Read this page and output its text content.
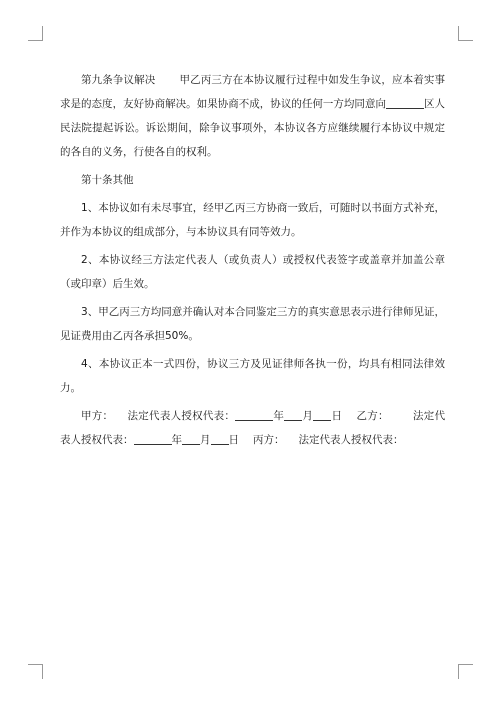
第九条争议解决 甲乙丙三方在本协议履行过程中如发生争议，应本着实事求是的态度，友好协商解决。如果协商不成，协议的任何一方均同意向	区人民法院提起诉讼。诉讼期间，除争议事项外，本协议各方应继续履行本协议中规定的各自的义务，行使各自的权利。

第十条其他

1、本协议如有未尽事宜，经甲乙丙三方协商一致后，可随时以书面方式补充，并作为本协议的组成部分，与本协议具有同等效力。

2、本协议经三方法定代表人（或负责人）或授权代表签字或盖章并加盖公章（或印章）后生效。

3、甲乙丙三方均同意并确认对本合同鉴定三方的真实意思表示进行律师见证，见证费用由乙丙各承担50%。

4、本协议正本一式四份，协议三方及见证律师各执一份，均具有相同法律效力。

甲方： 法定代表人授权代表：	年 月 日 乙方： 法定代表人授权代表：	年 月 日 丙方： 法定代表人授权代表：
